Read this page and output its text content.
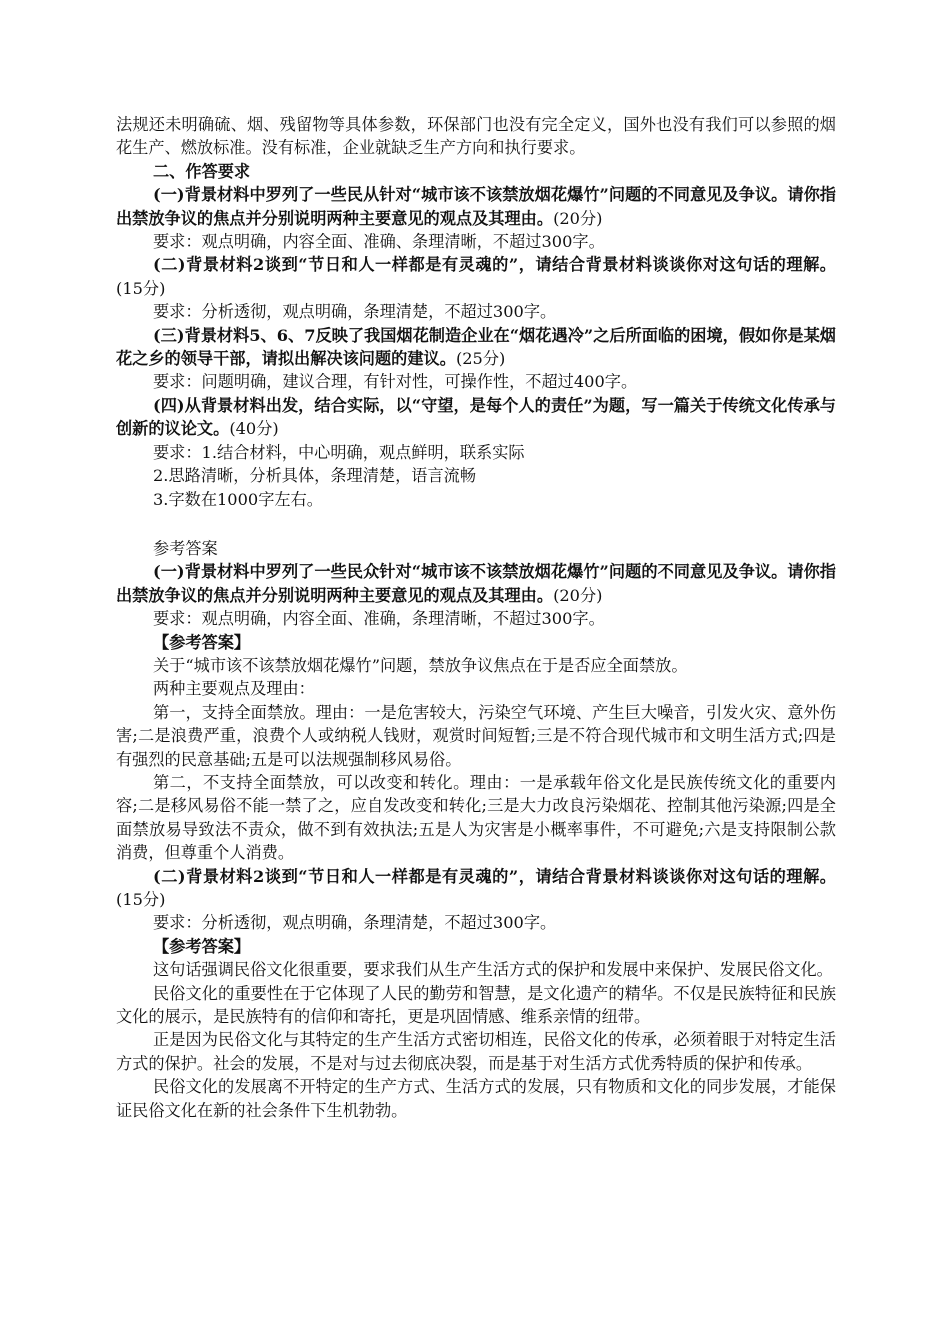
法规还未明确硫、烟、残留物等具体参数，环保部门也没有完全定义，国外也没有我们可以参照的烟花生产、燃放标准。没有标准，企业就缺乏生产方向和执行要求。

二、作答要求

(一)背景材料中罗列了一些民从针对“城市该不该禁放烟花爆竹”问题的不同意见及争议。请你指出禁放争议的焦点并分别说明两种主要意见的观点及其理由。(20分)

要求：观点明确，内容全面、准确、条理清晰，不超过300字。

(二)背景材料2谈到“节日和人一样都是有灵魂的”，请结合背景材料谈谈你对这句话的理解。(15分)

要求：分析透彻，观点明确，条理清楚，不超过300字。

(三)背景材料5、6、7反映了我国烟花制造企业在“烟花遇冷”之后所面临的困境，假如你是某烟花之乡的领导干部，请拟出解决该问题的建议。(25分)

要求：问题明确，建议合理，有针对性，可操作性，不超过400字。

(四)从背景材料出发，结合实际，以“守望，是每个人的责任”为题，写一篇关于传统文化传承与创新的议论文。(40分)

要求：1.结合材料，中心明确，观点鲜明，联系实际

2.思路清晰，分析具体，条理清楚，语言流畅

3.字数在1000字左右。

参考答案

(一)背景材料中罗列了一些民众针对“城市该不该禁放烟花爆竹”问题的不同意见及争议。请你指出禁放争议的焦点并分别说明两种主要意见的观点及其理由。(20分)

要求：观点明确，内容全面、准确，条理清晰，不超过300字。

【参考答案】

关于“城市该不该禁放烟花爆竹”问题，禁放争议焦点在于是否应全面禁放。

两种主要观点及理由：

第一，支持全面禁放。理由：一是危害较大，污染空气环境、产生巨大噪音，引发火灾、意外伤害;二是浪费严重，浪费个人或纳税人钱财，观赏时间短暂;三是不符合现代城市和文明生活方式;四是有强烈的民意基础;五是可以法规强制移风易俗。

第二，不支持全面禁放，可以改变和转化。理由：一是承载年俗文化是民族传统文化的重要内容;二是移风易俗不能一禁了之，应自发改变和转化;三是大力改良污染烟花、控制其他污染源;四是全面禁放易导致法不责众，做不到有效执法;五是人为灾害是小概率事件，不可避免;六是支持限制公款消费，但尊重个人消费。

(二)背景材料2谈到“节日和人一样都是有灵魂的”，请结合背景材料谈谈你对这句话的理解。(15分)

要求：分析透彻，观点明确，条理清楚，不超过300字。

【参考答案】

这句话强调民俗文化很重要，要求我们从生产生活方式的保护和发展中来保护、发展民俗文化。

民俗文化的重要性在于它体现了人民的勤劳和智慧，是文化遗产的精华。不仅是民族特征和民族文化的展示，是民族特有的信仰和寄托，更是巩固情感、维系亲情的纽带。

正是因为民俗文化与其特定的生产生活方式密切相连，民俗文化的传承，必须着眼于对特定生活方式的保护。社会的发展，不是对与过去彻底决裂，而是基于对生活方式优秀特质的保护和传承。

民俗文化的发展离不开特定的生产方式、生活方式的发展，只有物质和文化的同步发展，才能保证民俗文化在新的社会条件下生机勃勃。
